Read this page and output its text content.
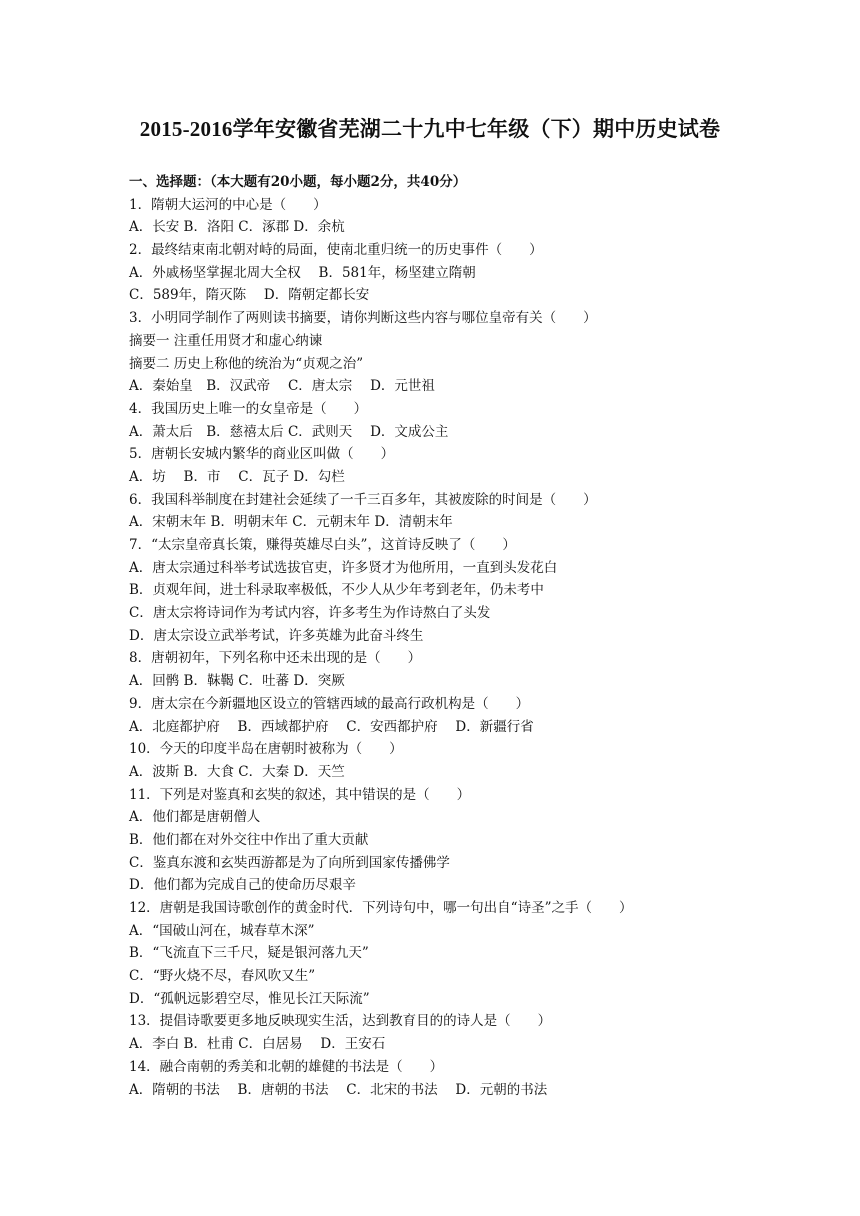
2015-2016学年安徽省芜湖二十九中七年级（下）期中历史试卷
一、选择题：（本大题有20小题，每小题2分，共40分）
1．隋朝大运河的中心是（　　）
A．长安 B．洛阳 C．涿郡 D．余杭
2．最终结束南北朝对峙的局面，使南北重归统一的历史事件（　　）
A．外戚杨坚掌握北周大全权　 B．581年，杨坚建立隋朝
C．589年，隋灭陈　 D．隋朝定都长安
3．小明同学制作了两则读书摘要，请你判断这些内容与哪位皇帝有关（　　）
摘要一 注重任用贤才和虚心纳谏
摘要二 历史上称他的统治为“贞观之治”
A．秦始皇　B．汉武帝　 C．唐太宗　 D．元世祖
4．我国历史上唯一的女皇帝是（　　）
A．萧太后　B．慈禧太后 C．武则天　 D．文成公主
5．唐朝长安城内繁华的商业区叫做（　　）
A．坊　 B．市　 C．瓦子 D．勾栏
6．我国科举制度在封建社会延续了一千三百多年，其被废除的时间是（　　）
A．宋朝末年 B．明朝末年 C．元朝末年 D．清朝末年
7．“太宗皇帝真长策，赚得英雄尽白头”，这首诗反映了（　　）
A．唐太宗通过科举考试选拔官吏，许多贤才为他所用，一直到头发花白
B．贞观年间，进士科录取率极低，不少人从少年考到老年，仍未考中
C．唐太宗将诗词作为考试内容，许多考生为作诗熬白了头发
D．唐太宗设立武举考试，许多英雄为此奋斗终生
8．唐朝初年，下列名称中还未出现的是（　　）
A．回鹘 B．靺鞨 C．吐蕃 D．突厥
9．唐太宗在今新疆地区设立的管辖西域的最高行政机构是（　　）
A．北庭都护府　 B．西域都护府　 C．安西都护府　 D．新疆行省
10．今天的印度半岛在唐朝时被称为（　　）
A．波斯 B．大食 C．大秦 D．天竺
11．下列是对鉴真和玄奘的叙述，其中错误的是（　　）
A．他们都是唐朝僧人
B．他们都在对外交往中作出了重大贡献
C．鉴真东渡和玄奘西游都是为了向所到国家传播佛学
D．他们都为完成自己的使命历尽艰辛
12．唐朝是我国诗歌创作的黄金时代．下列诗句中，哪一句出自“诗圣”之手（　　）
A．“国破山河在，城春草木深”
B．“飞流直下三千尺，疑是银河落九天”
C．“野火烧不尽，春风吹又生”
D．“孤帆远影碧空尽，惟见长江天际流”
13．提倡诗歌要更多地反映现实生活，达到教育目的的诗人是（　　）
A．李白 B．杜甫 C．白居易　 D．王安石
14．融合南朝的秀美和北朝的雄健的书法是（　　）
A．隋朝的书法　 B．唐朝的书法　 C．北宋的书法　 D．元朝的书法
